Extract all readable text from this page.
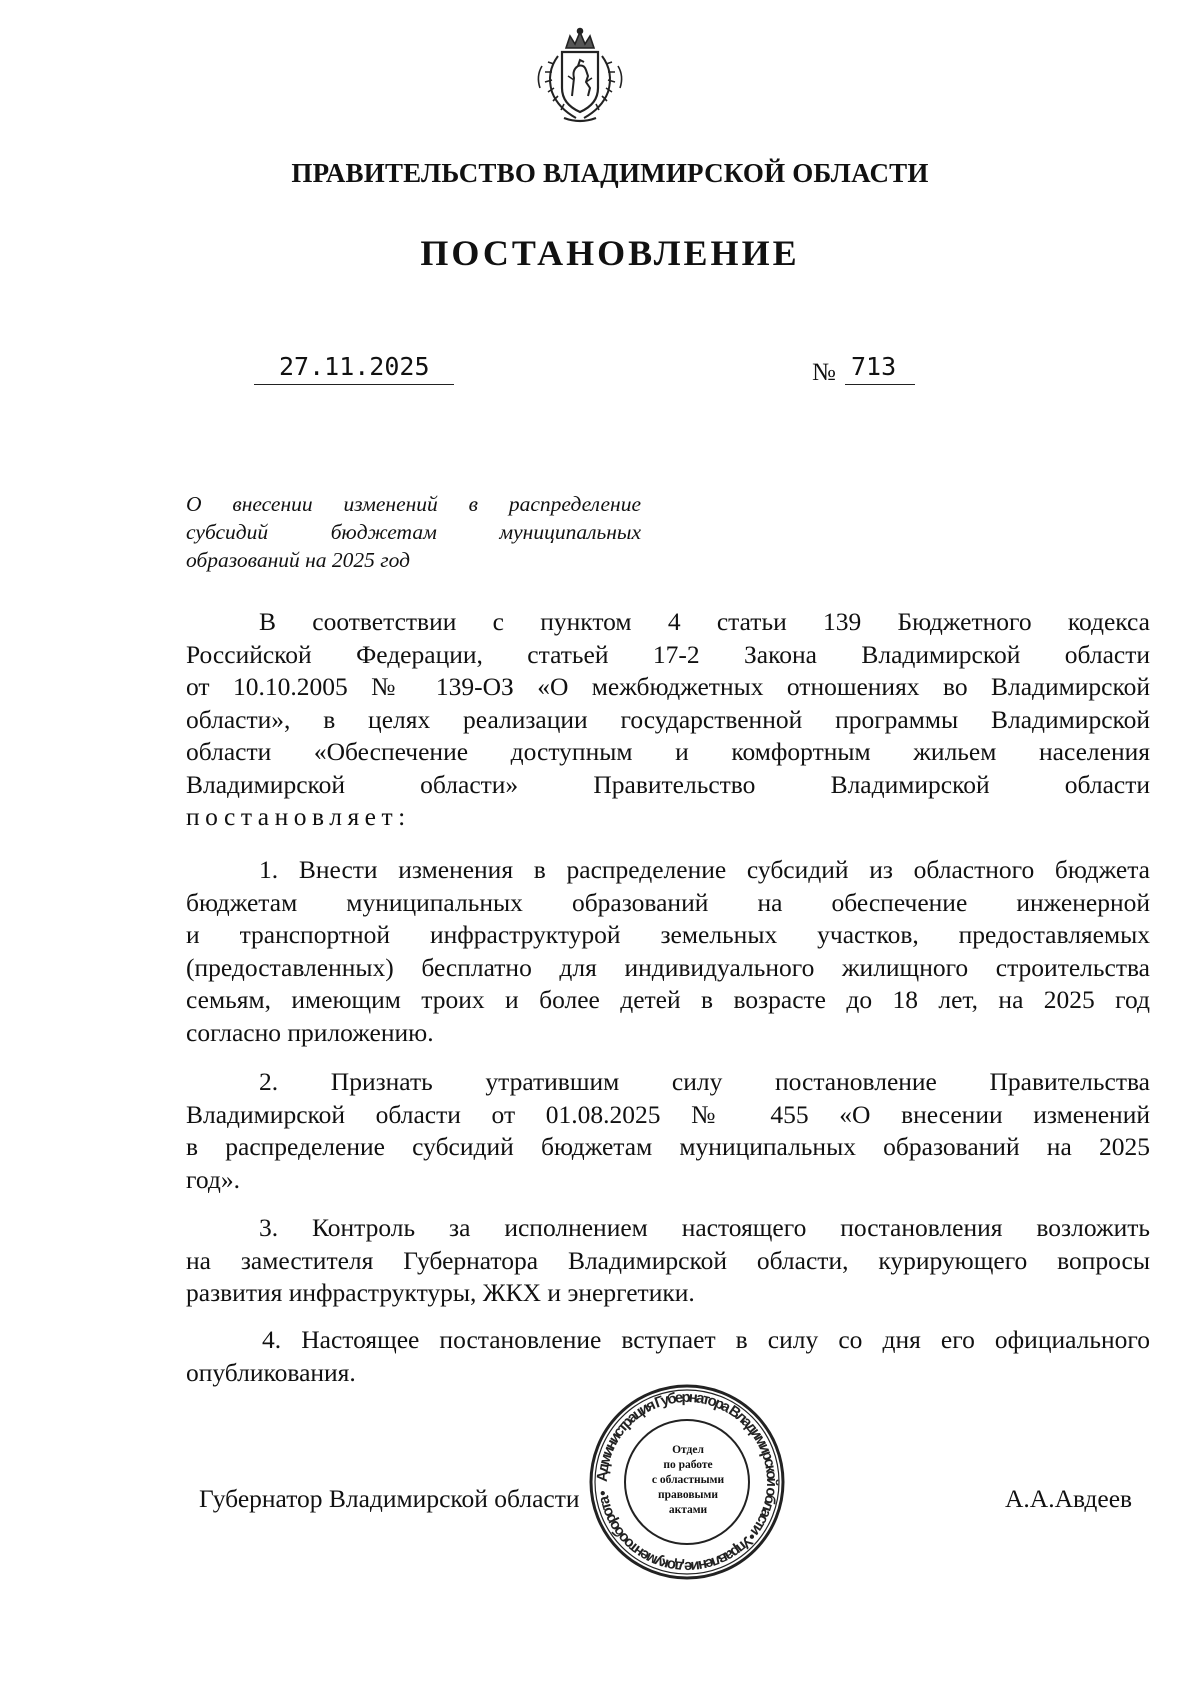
ПРАВИТЕЛЬСТВО ВЛАДИМИРСКОЙ ОБЛАСТИ
ПОСТАНОВЛЕНИЕ
27.11.2025	№ 713
О внесении изменений в распределение
субсидий бюджетам муниципальных
образований на 2025 год
В соответствии с пунктом 4 статьи 139 Бюджетного кодекса
Российской Федерации, статьей 17-2 Закона Владимирской области
от 10.10.2005 № 139-ОЗ «О межбюджетных отношениях во Владимирской
области», в целях реализации государственной программы Владимирской
области «Обеспечение доступным и комфортным жильем населения
Владимирской области» Правительство Владимирской области
постановляет:
1. Внести изменения в распределение субсидий из областного бюджета
бюджетам муниципальных образований на обеспечение инженерной
и транспортной инфраструктурой земельных участков, предоставляемых
(предоставленных) бесплатно для индивидуального жилищного строительства
семьям, имеющим троих и более детей в возрасте до 18 лет, на 2025 год
согласно приложению.
2. Признать утратившим силу постановление Правительства
Владимирской области от 01.08.2025 № 455 «О внесении изменений
в распределение субсидий бюджетам муниципальных образований на 2025
год».
3. Контроль за исполнением настоящего постановления возложить
на заместителя Губернатора Владимирской области, курирующего вопросы
развития инфраструктуры, ЖКХ и энергетики.
4. Настоящее постановление вступает в силу со дня его официального
опубликования.
Губернатор Владимирской области	А.А.Авдеев
Администрация Губернатора Владимирской области • Управление документооборота •
Отдел
по работе
с областными
правовыми
актами
